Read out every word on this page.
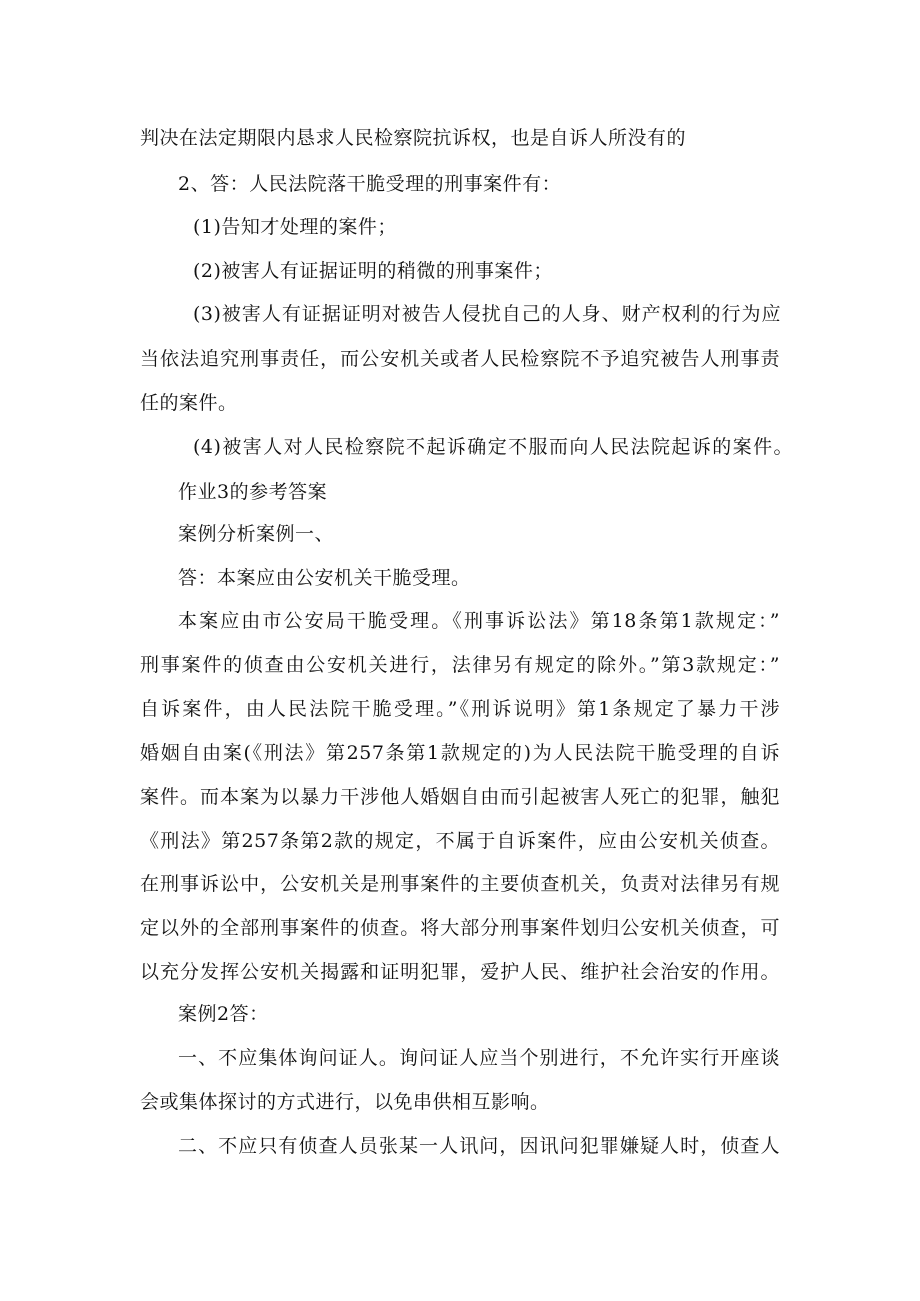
判决在法定期限内恳求人民检察院抗诉权，也是自诉人所没有的
2、答：人民法院落干脆受理的刑事案件有：
(1)告知才处理的案件；
(2)被害人有证据证明的稍微的刑事案件；
(3)被害人有证据证明对被告人侵扰自己的人身、财产权利的行为应
当依法追究刑事责任，而公安机关或者人民检察院不予追究被告人刑事责
任的案件。
(4)被害人对人民检察院不起诉确定不服而向人民法院起诉的案件。
作业3的参考答案
案例分析案例一、
答：本案应由公安机关干脆受理。
本案应由市公安局干脆受理。《刑事诉讼法》第18条第1款规定：”
刑事案件的侦查由公安机关进行，法律另有规定的除外。”第3款规定：”
自诉案件，由人民法院干脆受理。”《刑诉说明》第1条规定了暴力干涉
婚姻自由案(《刑法》第257条第1款规定的)为人民法院干脆受理的自诉
案件。而本案为以暴力干涉他人婚姻自由而引起被害人死亡的犯罪，触犯
《刑法》第257条第2款的规定，不属于自诉案件，应由公安机关侦查。
在刑事诉讼中，公安机关是刑事案件的主要侦查机关，负责对法律另有规
定以外的全部刑事案件的侦查。将大部分刑事案件划归公安机关侦查，可
以充分发挥公安机关揭露和证明犯罪，爱护人民、维护社会治安的作用。
案例2答：
一、不应集体询问证人。询问证人应当个别进行，不允许实行开座谈
会或集体探讨的方式进行，以免串供相互影响。
二、不应只有侦查人员张某一人讯问，因讯问犯罪嫌疑人时，侦查人
